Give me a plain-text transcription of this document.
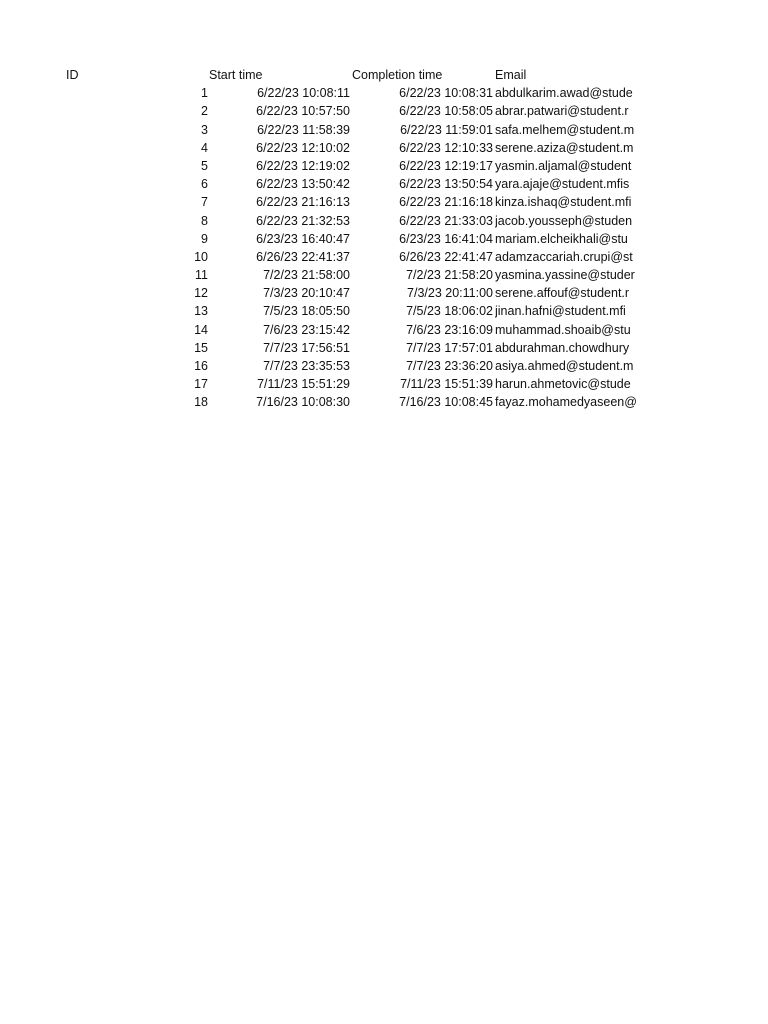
ID	Start time	Completion time	Email
1	6/22/23 10:08:11	6/22/23 10:08:31 abdulkarim.awad@stude
2	6/22/23 10:57:50	6/22/23 10:58:05 abrar.patwari@student.r
3	6/22/23 11:58:39	6/22/23 11:59:01 safa.melhem@student.m
4	6/22/23 12:10:02	6/22/23 12:10:33 serene.aziza@student.m
5	6/22/23 12:19:02	6/22/23 12:19:17 yasmin.aljamal@student
6	6/22/23 13:50:42	6/22/23 13:50:54 yara.ajaje@student.mfis
7	6/22/23 21:16:13	6/22/23 21:16:18 kinza.ishaq@student.mfi
8	6/22/23 21:32:53	6/22/23 21:33:03 jacob.yousseph@studen
9	6/23/23 16:40:47	6/23/23 16:41:04 mariam.elcheikhali@stu
10	6/26/23 22:41:37	6/26/23 22:41:47 adamzaccariah.crupi@st
11	7/2/23 21:58:00	7/2/23 21:58:20 yasmina.yassine@studer
12	7/3/23 20:10:47	7/3/23 20:11:00 serene.affouf@student.r
13	7/5/23 18:05:50	7/5/23 18:06:02 jinan.hafni@student.mfi
14	7/6/23 23:15:42	7/6/23 23:16:09 muhammad.shoaib@stu
15	7/7/23 17:56:51	7/7/23 17:57:01 abdurahman.chowdhury
16	7/7/23 23:35:53	7/7/23 23:36:20 asiya.ahmed@student.m
17	7/11/23 15:51:29	7/11/23 15:51:39 harun.ahmetovic@stude
18	7/16/23 10:08:30	7/16/23 10:08:45 fayaz.mohamedyaseen@
